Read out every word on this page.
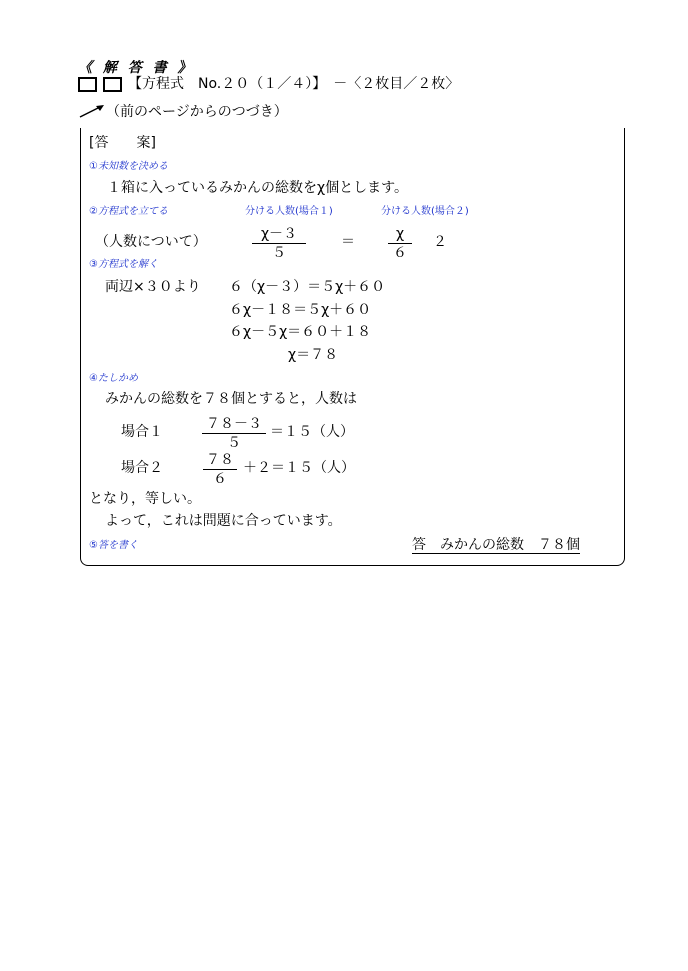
《 解 答 書 》
【方程式　No.２０（１／４）】　－〈２枚目／２枚〉
（前のページからのつづき）
[答　　案]
①未知数を決める
１箱に入っているみかんの総数をχ個とします。
②方程式を立てる	分ける人数(場合１)	分ける人数(場合２)
（人数について）	χ－３
５
＝	χ
６
２
③方程式を解く
両辺×３０より ６（χ－３）＝５χ＋６０
６χ－１８＝５χ＋６０
６χ－５χ＝６０＋１８
χ＝７８
④たしかめ
みかんの総数を７８個とすると，人数は
場合１	７８－３
５
＝１５（人）
場合２	７８
６
＋２＝１５（人）
となり，等しい。
よって，これは問題に合っています。
⑤答を書く	答　みかんの総数　７８個
